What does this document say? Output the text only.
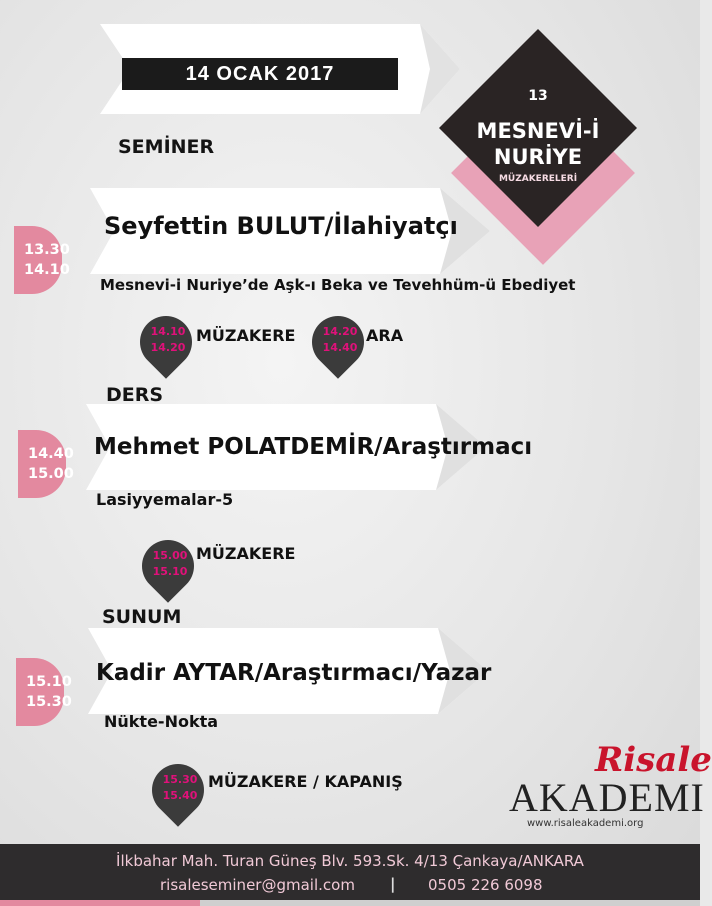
14 OCAK 2017
13
MESNEVİ-İ
NURİYE
MÜZAKERELERİ
SEMİNER
13.30
14.10
Seyfettin BULUT/İlahiyatçı
Mesnevi-i Nuriye’de Aşk-ı Beka ve Tevehhüm-ü Ebediyet
14.10
14.20
MÜZAKERE	14.20
14.40
ARA
DERS
14.40
15.00
Mehmet POLATDEMİR/Araştırmacı
Lasiyyemalar-5
15.00
15.10
MÜZAKERE
SUNUM
15.10
15.30
Kadir AYTAR/Araştırmacı/Yazar
Nükte-Nokta
15.30
15.40
MÜZAKERE / KAPANIŞ
Risale
AKADEMI
www.risaleakademi.org
İlkbahar Mah. Turan Güneş Blv. 593.Sk. 4/13 Çankaya/ANKARA
risaleseminer@gmail.com | 0505 226 6098
